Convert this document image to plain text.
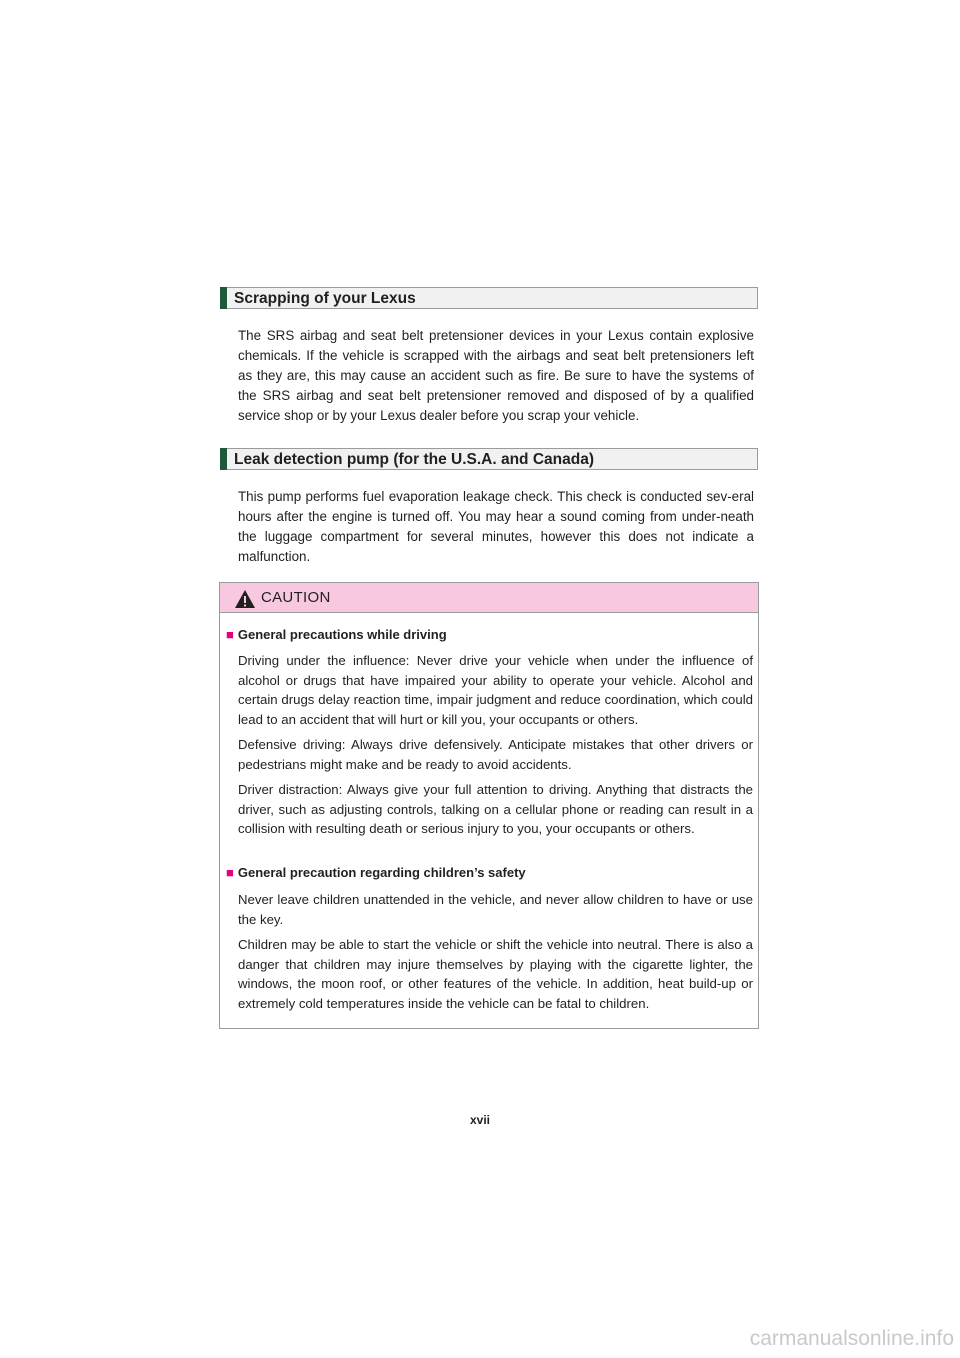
Scrapping of your Lexus
The SRS airbag and seat belt pretensioner devices in your Lexus contain explosive chemicals. If the vehicle is scrapped with the airbags and seat belt pretensioners left as they are, this may cause an accident such as fire. Be sure to have the systems of the SRS airbag and seat belt pretensioner removed and disposed of by a qualified service shop or by your Lexus dealer before you scrap your vehicle.
Leak detection pump (for the U.S.A. and Canada)
This pump performs fuel evaporation leakage check. This check is conducted sev-eral hours after the engine is turned off. You may hear a sound coming from under-neath the luggage compartment for several minutes, however this does not indicate a malfunction.
CAUTION
■ General precautions while driving
Driving under the influence: Never drive your vehicle when under the influence of alcohol or drugs that have impaired your ability to operate your vehicle. Alcohol and certain drugs delay reaction time, impair judgment and reduce coordination, which could lead to an accident that will hurt or kill you, your occupants or others.
Defensive driving: Always drive defensively. Anticipate mistakes that other drivers or pedestrians might make and be ready to avoid accidents.
Driver distraction: Always give your full attention to driving. Anything that distracts the driver, such as adjusting controls, talking on a cellular phone or reading can result in a collision with resulting death or serious injury to you, your occupants or others.
■ General precaution regarding children’s safety
Never leave children unattended in the vehicle, and never allow children to have or use the key.
Children may be able to start the vehicle or shift the vehicle into neutral. There is also a danger that children may injure themselves by playing with the cigarette lighter, the windows, the moon roof, or other features of the vehicle. In addition, heat build-up or extremely cold temperatures inside the vehicle can be fatal to children.
xvii
carmanualsonline.info
